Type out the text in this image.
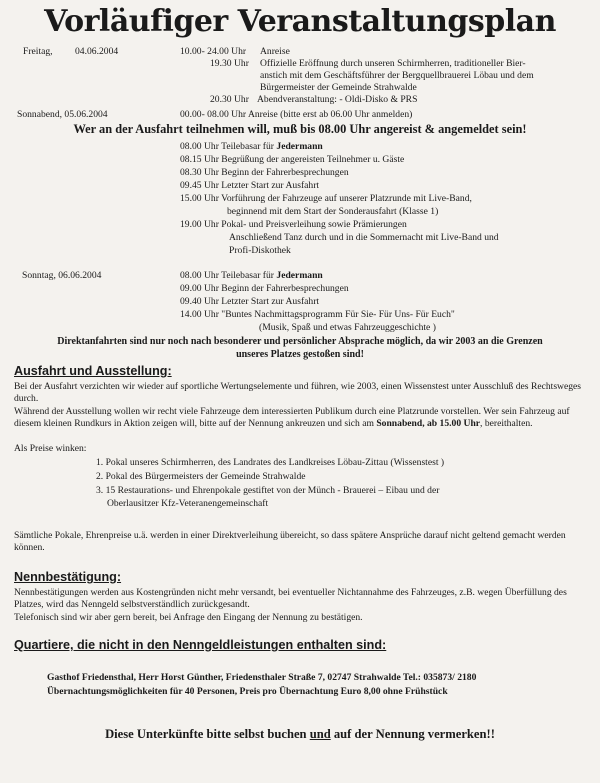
Vorläufiger Veranstaltungsplan
Freitag, 04.06.2004	10.00- 24.00 Uhr Anreise
19.30 Uhr Offizielle Eröffnung durch unseren Schirmherren, traditioneller Bier-
anstich mit dem Geschäftsführer der Bergquellbrauerei Löbau und dem
Bürgermeister der Gemeinde Strahwalde
20.30 Uhr Abendveranstaltung: - Oldi-Disko & PRS
Sonnabend, 05.06.2004	00.00- 08.00 Uhr Anreise (bitte erst ab 06.00 Uhr anmelden)
Wer an der Ausfahrt teilnehmen will, muß bis 08.00 Uhr angereist & angemeldet sein!
08.00 Uhr Teilebasar für Jedermann
08.15 Uhr Begrüßung der angereisten Teilnehmer u. Gäste
08.30 Uhr Beginn der Fahrerbesprechungen
09.45 Uhr Letzter Start zur Ausfahrt
15.00 Uhr Vorführung der Fahrzeuge auf unserer Platzrunde mit Live-Band,
beginnend mit dem Start der Sonderausfahrt (Klasse 1)
19.00 Uhr Pokal- und Preisverleihung sowie Prämierungen
Anschließend Tanz durch und in die Sommernacht mit Live-Band und
Profi-Diskothek
Sonntag, 06.06.2004	08.00 Uhr Teilebasar für Jedermann
09.00 Uhr Beginn der Fahrerbesprechungen
09.40 Uhr Letzter Start zur Ausfahrt
14.00 Uhr "Buntes Nachmittagsprogramm Für Sie- Für Uns- Für Euch"
(Musik, Spaß und etwas Fahrzeuggeschichte )
Direktanfahrten sind nur noch nach besonderer und persönlicher Absprache möglich, da wir 2003 an die Grenzen
unseres Platzes gestoßen sind!
Ausfahrt und Ausstellung:
Bei der Ausfahrt verzichten wir wieder auf sportliche Wertungselemente und führen, wie 2003, einen Wissenstest unter Ausschluß des Rechtsweges durch.
Während der Ausstellung wollen wir recht viele Fahrzeuge dem interessierten Publikum durch eine Platzrunde vorstellen. Wer sein Fahrzeug auf diesem kleinen Rundkurs in Aktion zeigen will, bitte auf der Nennung ankreuzen und sich am Sonnabend, ab 15.00 Uhr, bereithalten.
Als Preise winken:
1. Pokal unseres Schirmherren, des Landrates des Landkreises Löbau-Zittau (Wissenstest )
2. Pokal des Bürgermeisters der Gemeinde Strahwalde
3. 15 Restaurations- und Ehrenpokale gestiftet von der Münch - Brauerei – Eibau und der
Oberlausitzer Kfz-Veteranengemeinschaft
Sämtliche Pokale, Ehrenpreise u.ä. werden in einer Direktverleihung übereicht, so dass spätere Ansprüche darauf nicht geltend gemacht werden können.
Nennbestätigung:
Nennbestätigungen werden aus Kostengründen nicht mehr versandt, bei eventueller Nichtannahme des Fahrzeuges, z.B. wegen Überfüllung des Platzes, wird das Nenngeld selbstverständlich zurückgesandt.
Telefonisch sind wir aber gern bereit, bei Anfrage den Eingang der Nennung zu bestätigen.
Quartiere, die nicht in den Nenngeldleistungen enthalten sind:
Gasthof Friedensthal, Herr Horst Günther, Friedensthaler Straße 7, 02747 Strahwalde Tel.: 035873/ 2180
Übernachtungsmöglichkeiten für 40 Personen, Preis pro Übernachtung Euro 8,00 ohne Frühstück
Diese Unterkünfte bitte selbst buchen und auf der Nennung vermerken!!
